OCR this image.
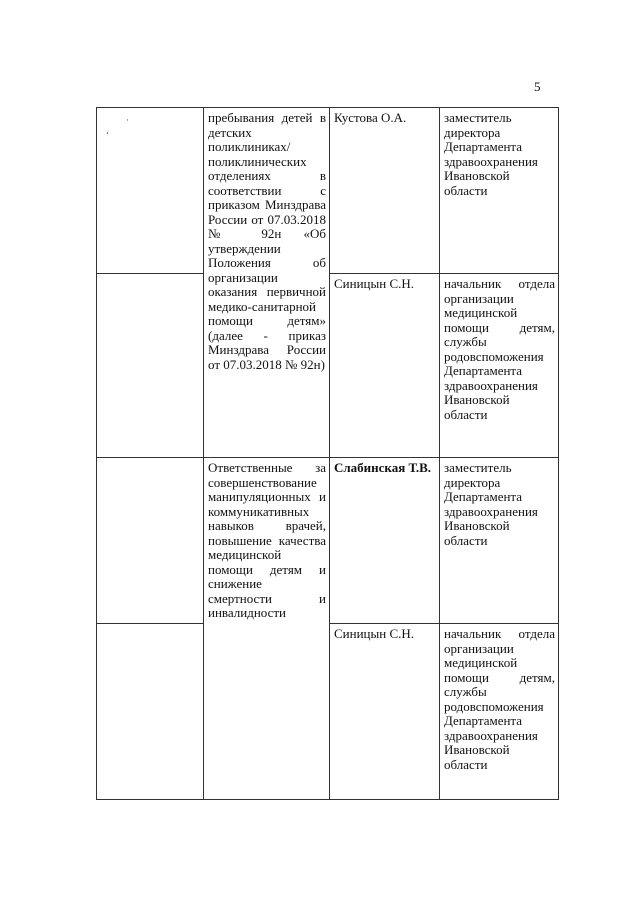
5
	пребывания детей в детских поликлиниках/поликлинических отделениях в соответствии с приказом Минздрава России от 07.03.2018 № 92н «Об утверждении Положения об организации оказания первичной медико-санитарной помощи детям» (далее - приказ Минздрава России от 07.03.2018 № 92н)	Кустова О.А.	заместитель директора Департамента здравоохранения Ивановской области
		Синицын С.Н.	начальник отдела организации медицинской помощи детям, службы родовспоможения Департамента здравоохранения Ивановской области
	Ответственные за совершенствование манипуляционных и коммуникативных навыков врачей, повышение качества медицинской помощи детям и снижение смертности и инвалидности	Слабинская Т.В.	заместитель директора Департамента здравоохранения Ивановской области
		Синицын С.Н.	начальник отдела организации медицинской помощи детям, службы родовспоможения Департамента здравоохранения Ивановской области
‘
·
